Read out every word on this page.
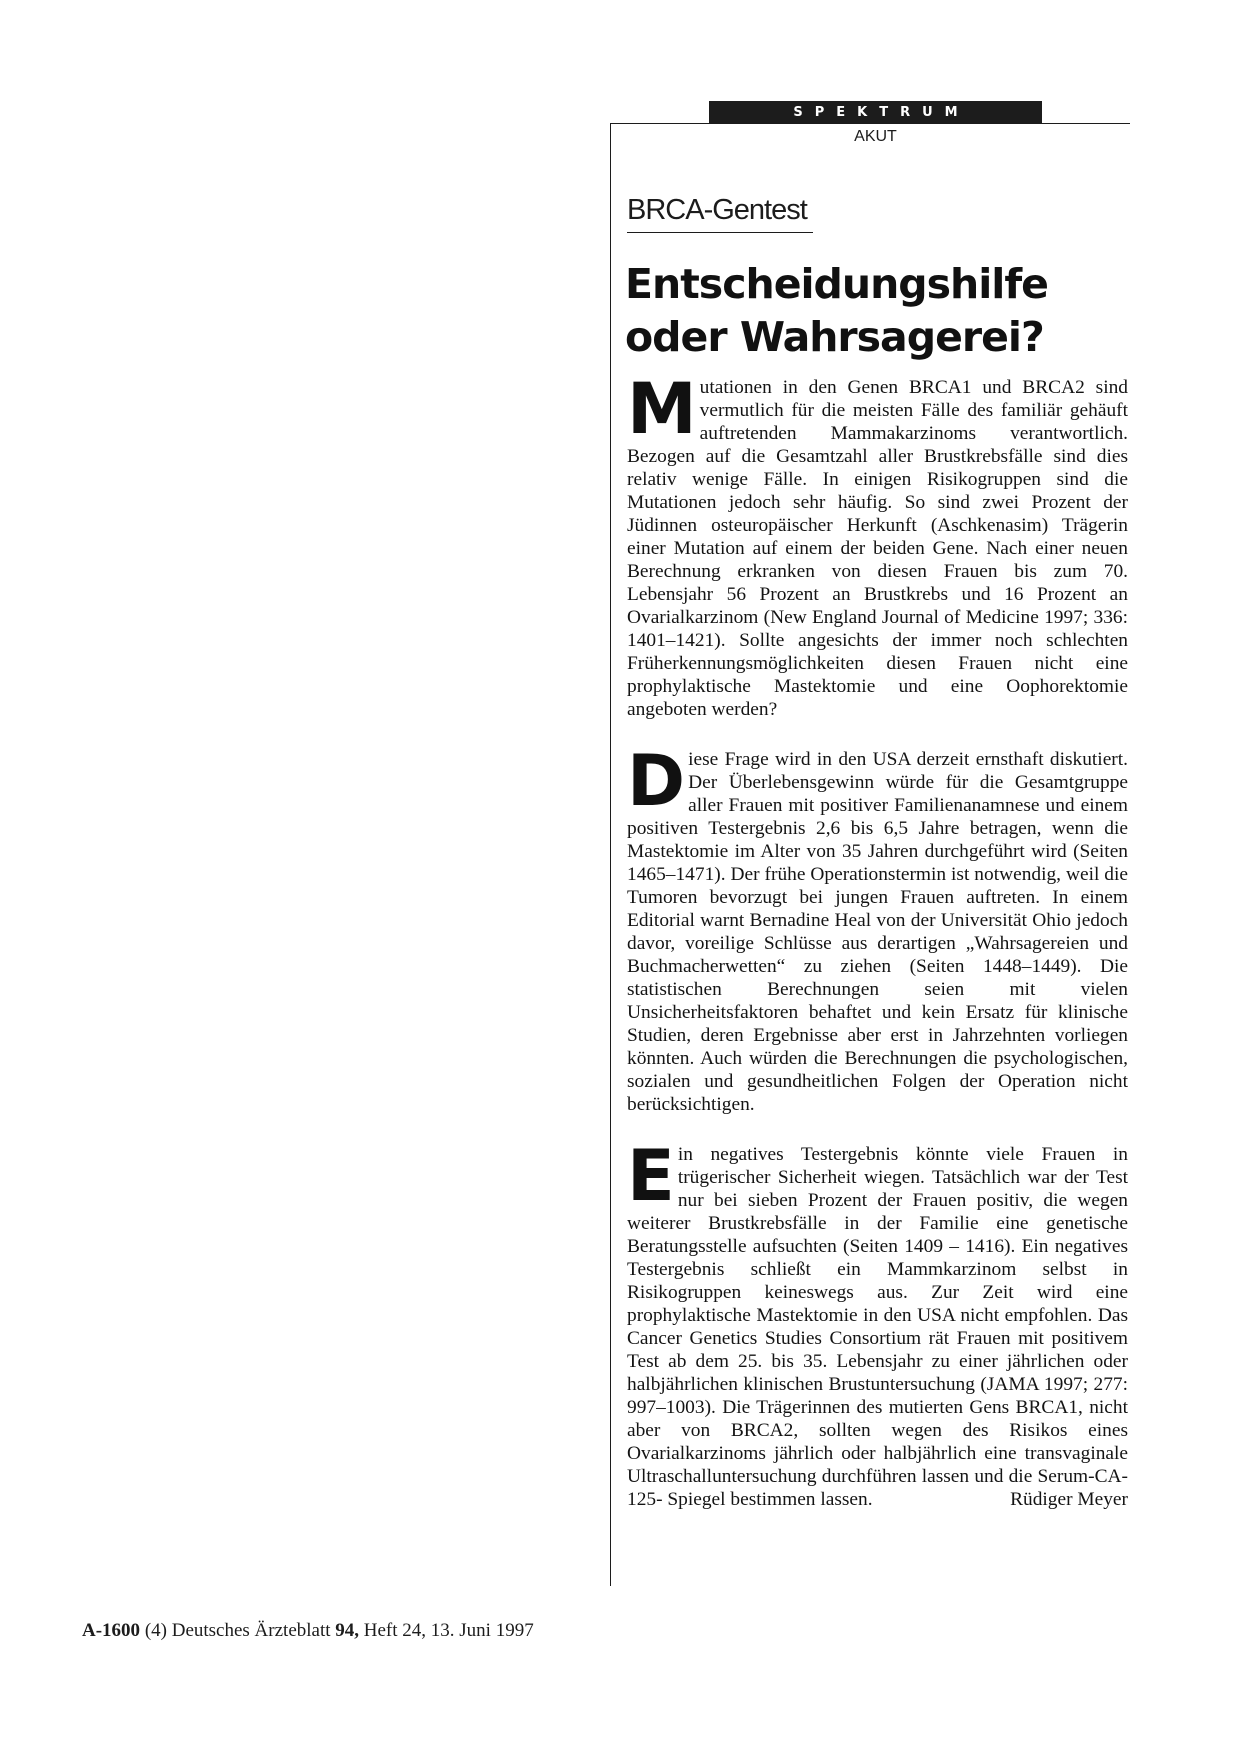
SPEKTRUM
AKUT
BRCA-Gentest
Entscheidungshilfe oder Wahrsagerei?

Mutationen in den Genen BRCA1 und BRCA2 sind vermutlich für die meisten Fälle des familiär gehäuft auftretenden Mammakarzinoms verantwortlich. Bezogen auf die Gesamtzahl aller Brustkrebsfälle sind dies relativ wenige Fälle. In einigen Risikogruppen sind die Mutationen jedoch sehr häufig. So sind zwei Prozent der Jüdinnen osteuropäischer Herkunft (Aschkenasim) Trägerin einer Mutation auf einem der beiden Gene. Nach einer neuen Berechnung erkranken von diesen Frauen bis zum 70. Lebensjahr 56 Prozent an Brustkrebs und 16 Prozent an Ovarialkarzinom (New England Journal of Medicine 1997; 336: 1401–1421). Sollte angesichts der immer noch schlechten Früherkennungsmöglichkeiten diesen Frauen nicht eine prophylaktische Mastektomie und eine Oophorektomie angeboten werden?

Diese Frage wird in den USA derzeit ernsthaft diskutiert. Der Überlebensgewinn würde für die Gesamtgruppe aller Frauen mit positiver Familienanamnese und einem positiven Testergebnis 2,6 bis 6,5 Jahre betragen, wenn die Mastektomie im Alter von 35 Jahren durchgeführt wird (Seiten 1465–1471). Der frühe Operationstermin ist notwendig, weil die Tumoren bevorzugt bei jungen Frauen auftreten. In einem Editorial warnt Bernadine Heal von der Universität Ohio jedoch davor, voreilige Schlüsse aus derartigen „Wahrsagereien und Buchmacherwetten“ zu ziehen (Seiten 1448–1449). Die statistischen Berechnungen seien mit vielen Unsicherheitsfaktoren behaftet und kein Ersatz für klinische Studien, deren Ergebnisse aber erst in Jahrzehnten vorliegen könnten. Auch würden die Berechnungen die psychologischen, sozialen und gesundheitlichen Folgen der Operation nicht berücksichtigen.

Ein negatives Testergebnis könnte viele Frauen in trügerischer Sicherheit wiegen. Tatsächlich war der Test nur bei sieben Prozent der Frauen positiv, die wegen weiterer Brustkrebsfälle in der Familie eine genetische Beratungsstelle aufsuchten (Seiten 1409 – 1416). Ein negatives Testergebnis schließt ein Mammkarzinom selbst in Risikogruppen keineswegs aus. Zur Zeit wird eine prophylaktische Mastektomie in den USA nicht empfohlen. Das Cancer Genetics Studies Consortium rät Frauen mit positivem Test ab dem 25. bis 35. Lebensjahr zu einer jährlichen oder halbjährlichen klinischen Brustuntersuchung (JAMA 1997; 277: 997–1003). Die Trägerinnen des mutierten Gens BRCA1, nicht aber von BRCA2, sollten wegen des Risikos eines Ovarialkarzinoms jährlich oder halbjährlich eine transvaginale Ultraschalluntersuchung durchführen lassen und die Serum-CA-125- Spiegel bestimmen lassen.	Rüdiger Meyer

A-1600 (4) Deutsches Ärzteblatt 94, Heft 24, 13. Juni 1997
